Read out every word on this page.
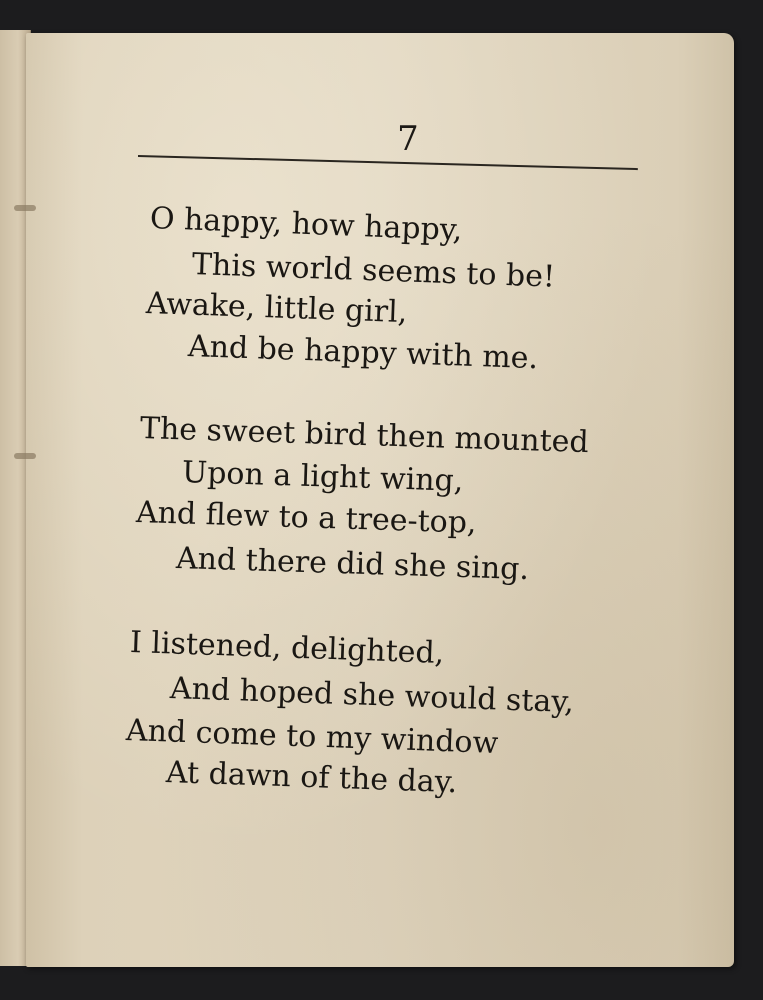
7
O happy, how happy,
This world seems to be!
Awake, little girl,
And be happy with me.
The sweet bird then mounted
Upon a light wing,
And flew to a tree-top,
And there did she sing.
I listened, delighted,
And hoped she would stay,
And come to my window
At dawn of the day.
